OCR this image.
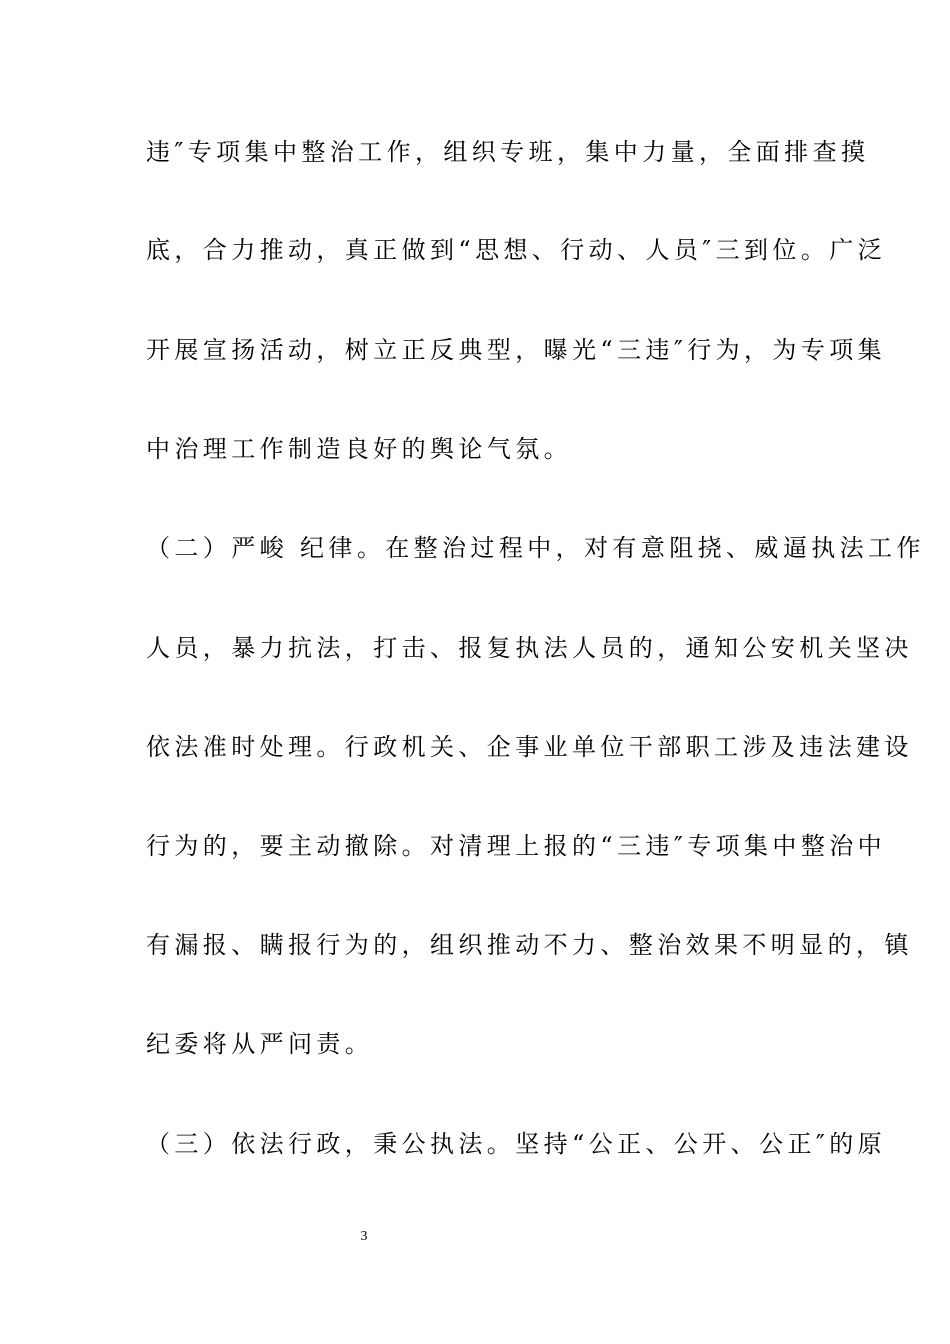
违″专项集中整治工作，组织专班，集中力量，全面排查摸
底，合力推动，真正做到“思想、行动、人员″三到位。广泛
开展宣扬活动，树立正反典型，曝光“三违″行为，为专项集
中治理工作制造良好的舆论气氛。
（二）严峻 纪律。在整治过程中，对有意阻挠、威逼执法工作
人员，暴力抗法，打击、报复执法人员的，通知公安机关坚决
依法准时处理。行政机关、企事业单位干部职工涉及违法建设
行为的，要主动撤除。对清理上报的“三违″专项集中整治中
有漏报、瞒报行为的，组织推动不力、整治效果不明显的，镇
纪委将从严问责。
（三）依法行政，秉公执法。坚持“公正、公开、公正″的原
3
